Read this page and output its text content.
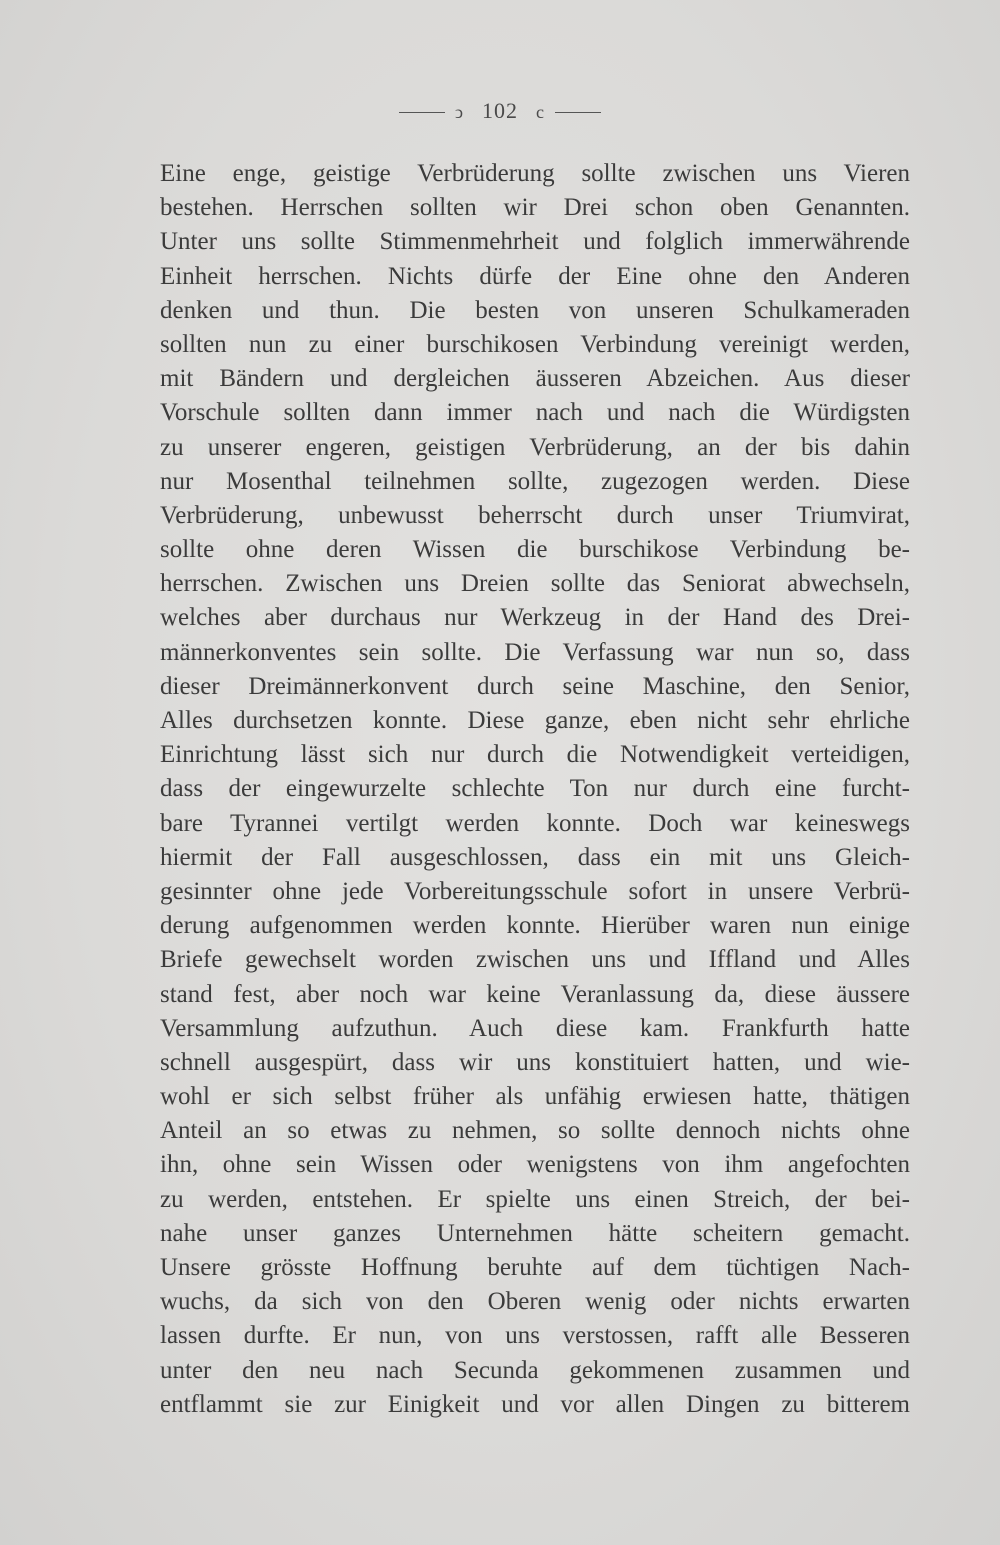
ↄ 102 c
Eine enge, geistige Verbrüderung sollte zwischen uns Vieren
bestehen. Herrschen sollten wir Drei schon oben Genannten.
Unter uns sollte Stimmenmehrheit und folglich immerwährende
Einheit herrschen. Nichts dürfe der Eine ohne den Anderen
denken und thun. Die besten von unseren Schulkameraden
sollten nun zu einer burschikosen Verbindung vereinigt werden,
mit Bändern und dergleichen äusseren Abzeichen. Aus dieser
Vorschule sollten dann immer nach und nach die Würdigsten
zu unserer engeren, geistigen Verbrüderung, an der bis dahin
nur Mosenthal teilnehmen sollte, zugezogen werden. Diese
Verbrüderung, unbewusst beherrscht durch unser Triumvirat,
sollte ohne deren Wissen die burschikose Verbindung be-
herrschen. Zwischen uns Dreien sollte das Seniorat abwechseln,
welches aber durchaus nur Werkzeug in der Hand des Drei-
männerkonventes sein sollte. Die Verfassung war nun so, dass
dieser Dreimännerkonvent durch seine Maschine, den Senior,
Alles durchsetzen konnte. Diese ganze, eben nicht sehr ehrliche
Einrichtung lässt sich nur durch die Notwendigkeit verteidigen,
dass der eingewurzelte schlechte Ton nur durch eine furcht-
bare Tyrannei vertilgt werden konnte. Doch war keineswegs
hiermit der Fall ausgeschlossen, dass ein mit uns Gleich-
gesinnter ohne jede Vorbereitungsschule sofort in unsere Verbrü-
derung aufgenommen werden konnte. Hierüber waren nun einige
Briefe gewechselt worden zwischen uns und Iffland und Alles
stand fest, aber noch war keine Veranlassung da, diese äussere
Versammlung aufzuthun. Auch diese kam. Frankfurth hatte
schnell ausgespürt, dass wir uns konstituiert hatten, und wie-
wohl er sich selbst früher als unfähig erwiesen hatte, thätigen
Anteil an so etwas zu nehmen, so sollte dennoch nichts ohne
ihn, ohne sein Wissen oder wenigstens von ihm angefochten
zu werden, entstehen. Er spielte uns einen Streich, der bei-
nahe unser ganzes Unternehmen hätte scheitern gemacht.
Unsere grösste Hoffnung beruhte auf dem tüchtigen Nach-
wuchs, da sich von den Oberen wenig oder nichts erwarten
lassen durfte. Er nun, von uns verstossen, rafft alle Besseren
unter den neu nach Secunda gekommenen zusammen und
entflammt sie zur Einigkeit und vor allen Dingen zu bitterem
